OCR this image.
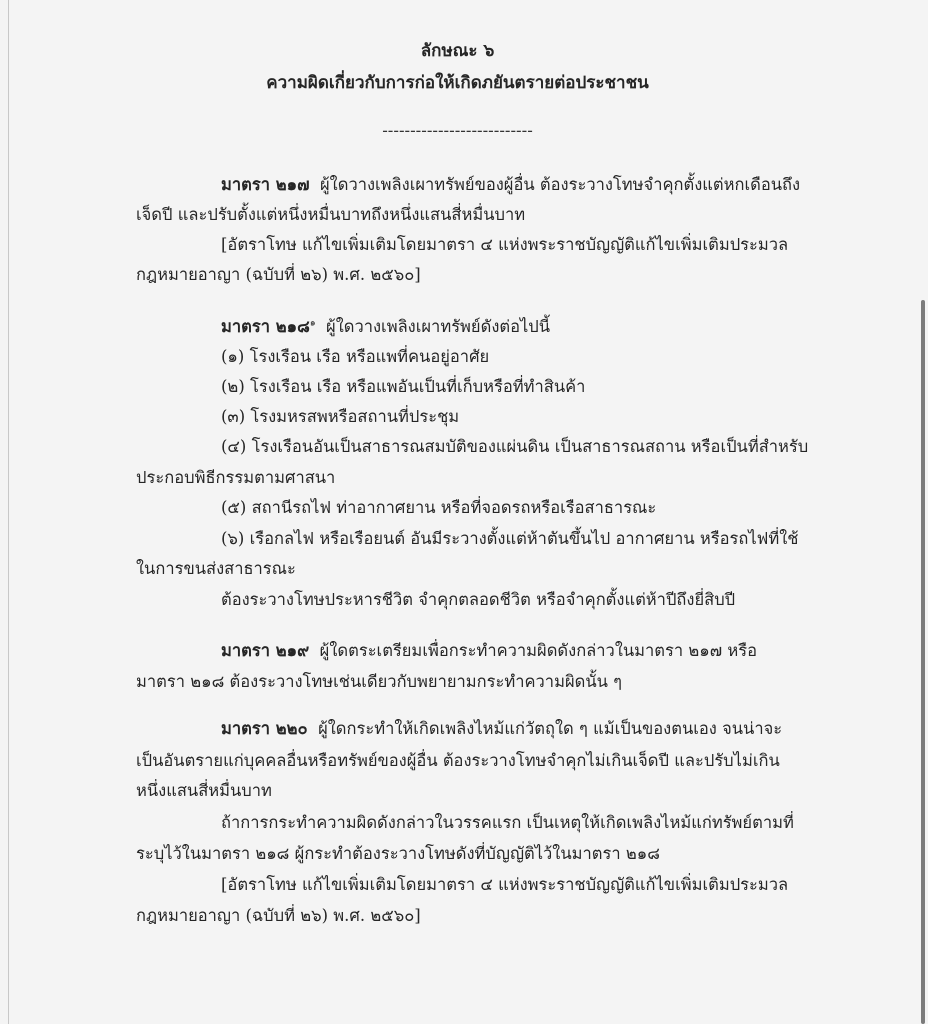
ลักษณะ ๖
ความผิดเกี่ยวกับการก่อให้เกิดภยันตรายต่อประชาชน
---------------------------
มาตรา ๒๑๗ ผู้ใดวางเพลิงเผาทรัพย์ของผู้อื่น ต้องระวางโทษจำคุกตั้งแต่หกเดือนถึง
เจ็ดปี และปรับตั้งแต่หนึ่งหมื่นบาทถึงหนึ่งแสนสี่หมื่นบาท
[อัตราโทษ แก้ไขเพิ่มเติมโดยมาตรา ๔ แห่งพระราชบัญญัติแก้ไขเพิ่มเติมประมวล
กฎหมายอาญา (ฉบับที่ ๒๖) พ.ศ. ๒๕๖๐]
มาตรา ๒๑๘$^๑$ ผู้ใดวางเพลิงเผาทรัพย์ดังต่อไปนี้
(๑) โรงเรือน เรือ หรือแพที่คนอยู่อาศัย
(๒) โรงเรือน เรือ หรือแพอันเป็นที่เก็บหรือที่ทำสินค้า
(๓) โรงมหรสพหรือสถานที่ประชุม
(๔) โรงเรือนอันเป็นสาธารณสมบัติของแผ่นดิน เป็นสาธารณสถาน หรือเป็นที่สำหรับ
ประกอบพิธีกรรมตามศาสนา
(๕) สถานีรถไฟ ท่าอากาศยาน หรือที่จอดรถหรือเรือสาธารณะ
(๖) เรือกลไฟ หรือเรือยนต์ อันมีระวางตั้งแต่ห้าตันขึ้นไป อากาศยาน หรือรถไฟที่ใช้
ในการขนส่งสาธารณะ
ต้องระวางโทษประหารชีวิต จำคุกตลอดชีวิต หรือจำคุกตั้งแต่ห้าปีถึงยี่สิบปี
มาตรา ๒๑๙ ผู้ใดตระเตรียมเพื่อกระทำความผิดดังกล่าวในมาตรา ๒๑๗ หรือ
มาตรา ๒๑๘ ต้องระวางโทษเช่นเดียวกับพยายามกระทำความผิดนั้น ๆ
มาตรา ๒๒๐ ผู้ใดกระทำให้เกิดเพลิงไหม้แก่วัตถุใด ๆ แม้เป็นของตนเอง จนน่าจะ
เป็นอันตรายแก่บุคคลอื่นหรือทรัพย์ของผู้อื่น ต้องระวางโทษจำคุกไม่เกินเจ็ดปี และปรับไม่เกิน
หนึ่งแสนสี่หมื่นบาท
ถ้าการกระทำความผิดดังกล่าวในวรรคแรก เป็นเหตุให้เกิดเพลิงไหม้แก่ทรัพย์ตามที่
ระบุไว้ในมาตรา ๒๑๘ ผู้กระทำต้องระวางโทษดังที่บัญญัติไว้ในมาตรา ๒๑๘
[อัตราโทษ แก้ไขเพิ่มเติมโดยมาตรา ๔ แห่งพระราชบัญญัติแก้ไขเพิ่มเติมประมวล
กฎหมายอาญา (ฉบับที่ ๒๖) พ.ศ. ๒๕๖๐]
